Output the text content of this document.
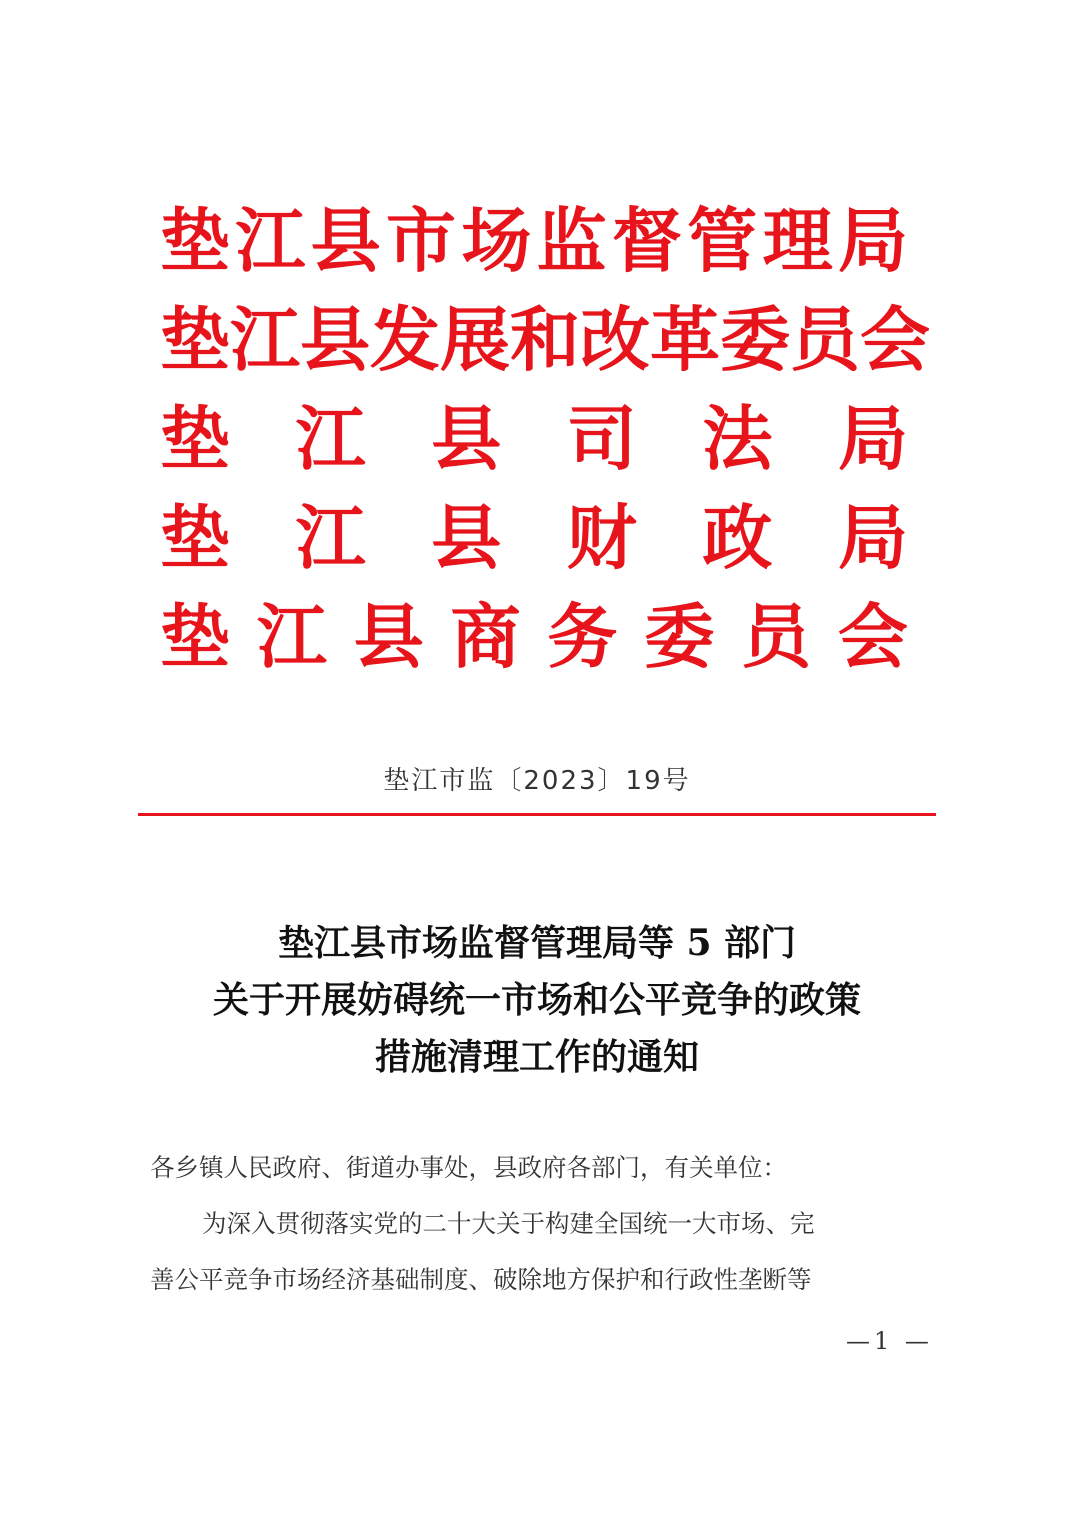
垫 江 县 市 场 监 督 管 理 局
垫 江 县 发 展 和 改 革 委 员 会
垫 江 县 司 法 局
垫 江 县 财 政 局
垫 江 县 商 务 委 员 会
垫江市监〔2023〕19号
垫江县市场监督管理局等 5 部门
关于开展妨碍统一市场和公平竞争的政策
措施清理工作的通知
各乡镇人民政府、街道办事处，县政府各部门，有关单位：
为深入贯彻落实党的二十大关于构建全国统一大市场、完
善公平竞争市场经济基础制度、破除地方保护和行政性垄断等
—1 —
